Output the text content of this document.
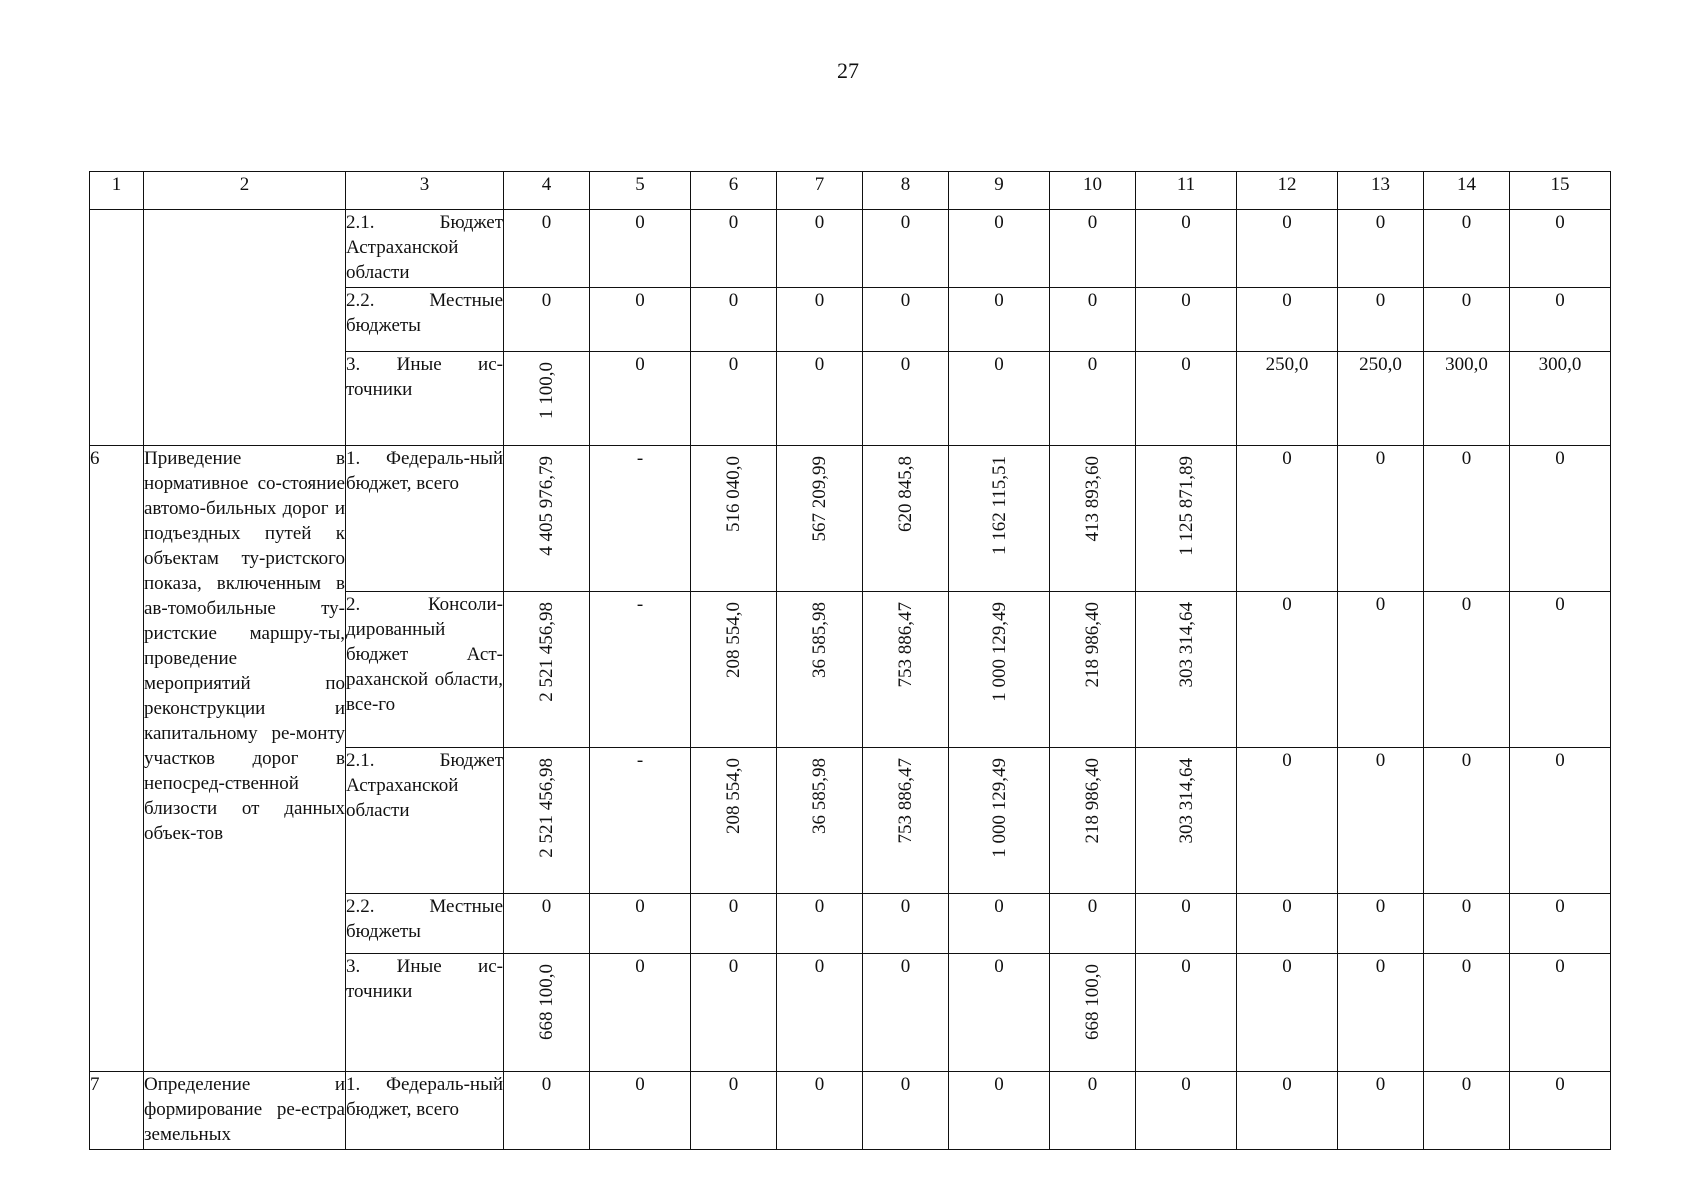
27
1	2	3	4	5	6	7	8	9	10	11	12	13	14	15
		2.1. Бюджет Астраханской области	0	0	0	0	0	0	0	0	0	0	0	0
		2.2. Местные бюджеты	0	0	0	0	0	0	0	0	0	0	0	0
		3. Иные ис-точники	1 100,0	0	0	0	0	0	0	0	250,0	250,0	300,0	300,0
6	Приведение в нормативное со-стояние автомо-бильных дорог и подъездных путей к объектам ту-ристского показа, включенным в ав-томобильные ту-ристские маршру-ты, проведение мероприятий по реконструкции и капитальному ре-монту участков дорог в непосред-ственной близости от данных объек-тов	1. Федераль-ный бюджет, всего	4 405 976,79	-	516 040,0	567 209,99	620 845,8	1 162 115,51	413 893,60	1 125 871,89	0	0	0	0
		2. Консоли-дированный бюджет Аст-раханской области, все-го	2 521 456,98	-	208 554,0	36 585,98	753 886,47	1 000 129,49	218 986,40	303 314,64	0	0	0	0
		2.1. Бюджет Астраханской области	2 521 456,98	-	208 554,0	36 585,98	753 886,47	1 000 129,49	218 986,40	303 314,64	0	0	0	0
		2.2. Местные бюджеты	0	0	0	0	0	0	0	0	0	0	0	0
		3. Иные ис-точники	668 100,0	0	0	0	0	0	668 100,0	0	0	0	0	0
7	Определение и формирование ре-естра земельных	1. Федераль-ный бюджет, всего	0	0	0	0	0	0	0	0	0	0	0	0
